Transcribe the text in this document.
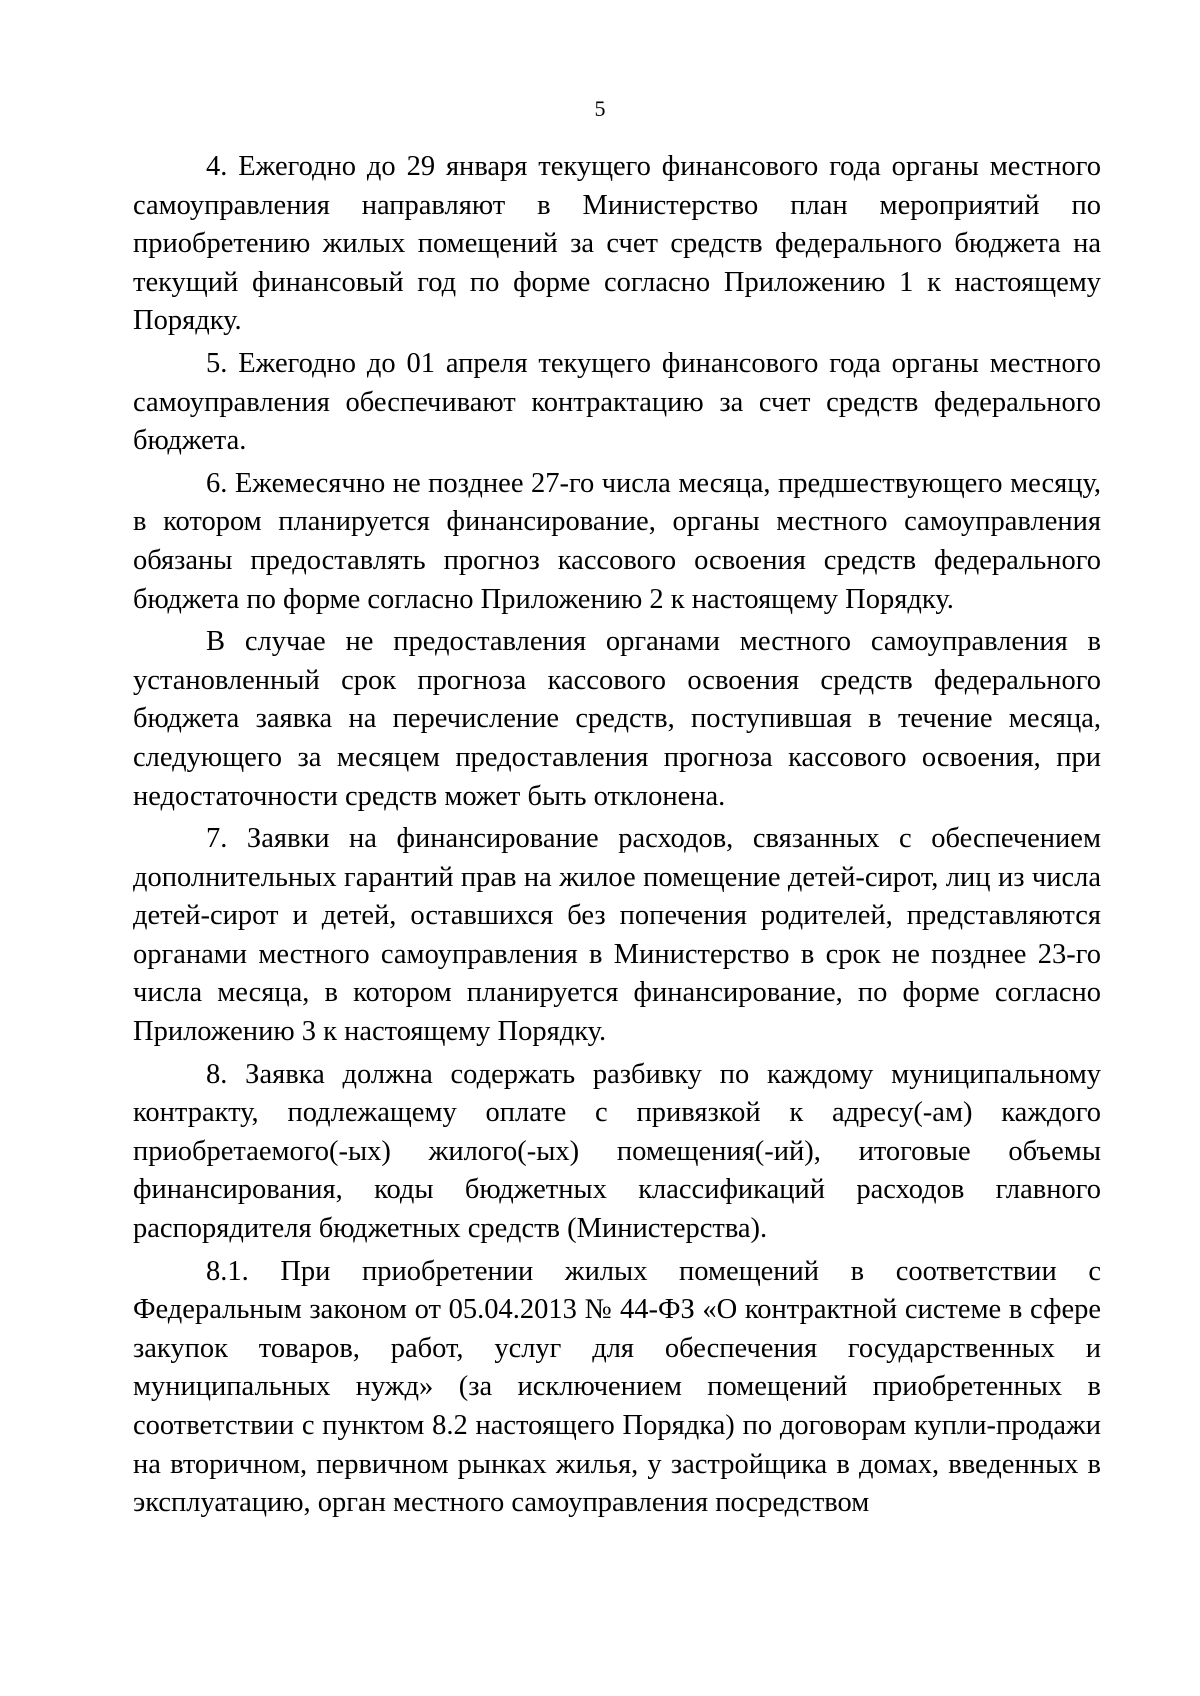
5

4. Ежегодно до 29 января текущего финансового года органы местного самоуправления направляют в Министерство план мероприятий по приобретению жилых помещений за счет средств федерального бюджета на текущий финансовый год по форме согласно Приложению 1 к настоящему Порядку.

5. Ежегодно до 01 апреля текущего финансового года органы местного самоуправления обеспечивают контрактацию за счет средств федерального бюджета.

6. Ежемесячно не позднее 27-го числа месяца, предшествующего месяцу, в котором планируется финансирование, органы местного самоуправления обязаны предоставлять прогноз кассового освоения средств федерального бюджета по форме согласно Приложению 2 к настоящему Порядку.

В случае не предоставления органами местного самоуправления в установленный срок прогноза кассового освоения средств федерального бюджета заявка на перечисление средств, поступившая в течение месяца, следующего за месяцем предоставления прогноза кассового освоения, при недостаточности средств может быть отклонена.

7. Заявки на финансирование расходов, связанных с обеспечением дополнительных гарантий прав на жилое помещение детей-сирот, лиц из числа детей-сирот и детей, оставшихся без попечения родителей, представляются органами местного самоуправления в Министерство в срок не позднее 23-го числа месяца, в котором планируется финансирование, по форме согласно Приложению 3 к настоящему Порядку.

8. Заявка должна содержать разбивку по каждому муниципальному контракту, подлежащему оплате с привязкой к адресу(-ам) каждого приобретаемого(-ых) жилого(-ых) помещения(-ий), итоговые объемы финансирования, коды бюджетных классификаций расходов главного распорядителя бюджетных средств (Министерства).

8.1. При приобретении жилых помещений в соответствии с Федеральным законом от 05.04.2013 № 44-ФЗ «О контрактной системе в сфере закупок товаров, работ, услуг для обеспечения государственных и муниципальных нужд» (за исключением помещений приобретенных в соответствии с пунктом 8.2 настоящего Порядка) по договорам купли-продажи на вторичном, первичном рынках жилья, у застройщика в домах, введенных в эксплуатацию, орган местного самоуправления посредством
